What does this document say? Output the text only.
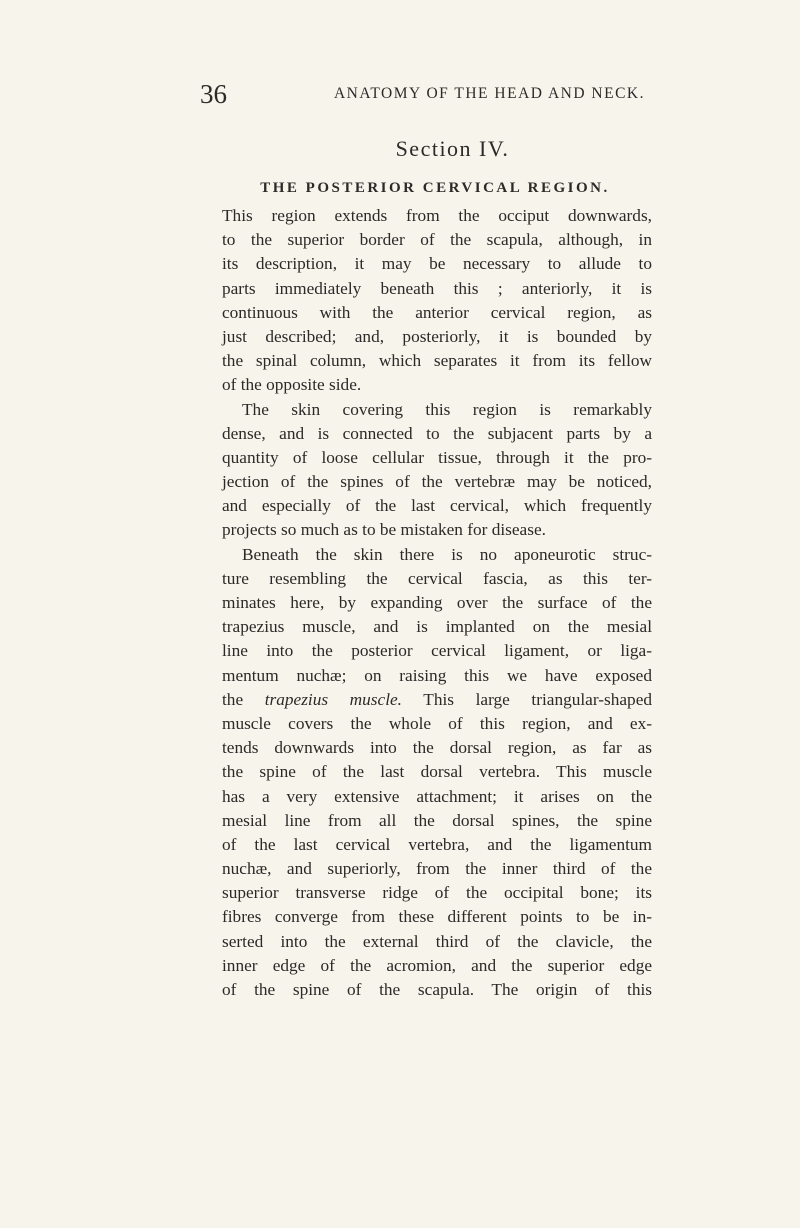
36	ANATOMY OF THE HEAD AND NECK.
Section IV.
THE POSTERIOR CERVICAL REGION.
This region extends from the occiput downwards,
to the superior border of the scapula, although, in
its description, it may be necessary to allude to
parts immediately beneath this ; anteriorly, it is
continuous with the anterior cervical region, as
just described; and, posteriorly, it is bounded by
the spinal column, which separates it from its fellow
of the opposite side.
The skin covering this region is remarkably
dense, and is connected to the subjacent parts by a
quantity of loose cellular tissue, through it the pro-
jection of the spines of the vertebræ may be noticed,
and especially of the last cervical, which frequently
projects so much as to be mistaken for disease.
Beneath the skin there is no aponeurotic struc-
ture resembling the cervical fascia, as this ter-
minates here, by expanding over the surface of the
trapezius muscle, and is implanted on the mesial
line into the posterior cervical ligament, or liga-
mentum nuchæ; on raising this we have exposed
the trapezius muscle. This large triangular-shaped
muscle covers the whole of this region, and ex-
tends downwards into the dorsal region, as far as
the spine of the last dorsal vertebra. This muscle
has a very extensive attachment; it arises on the
mesial line from all the dorsal spines, the spine
of the last cervical vertebra, and the ligamentum
nuchæ, and superiorly, from the inner third of the
superior transverse ridge of the occipital bone; its
fibres converge from these different points to be in-
serted into the external third of the clavicle, the
inner edge of the acromion, and the superior edge
of the spine of the scapula. The origin of this
